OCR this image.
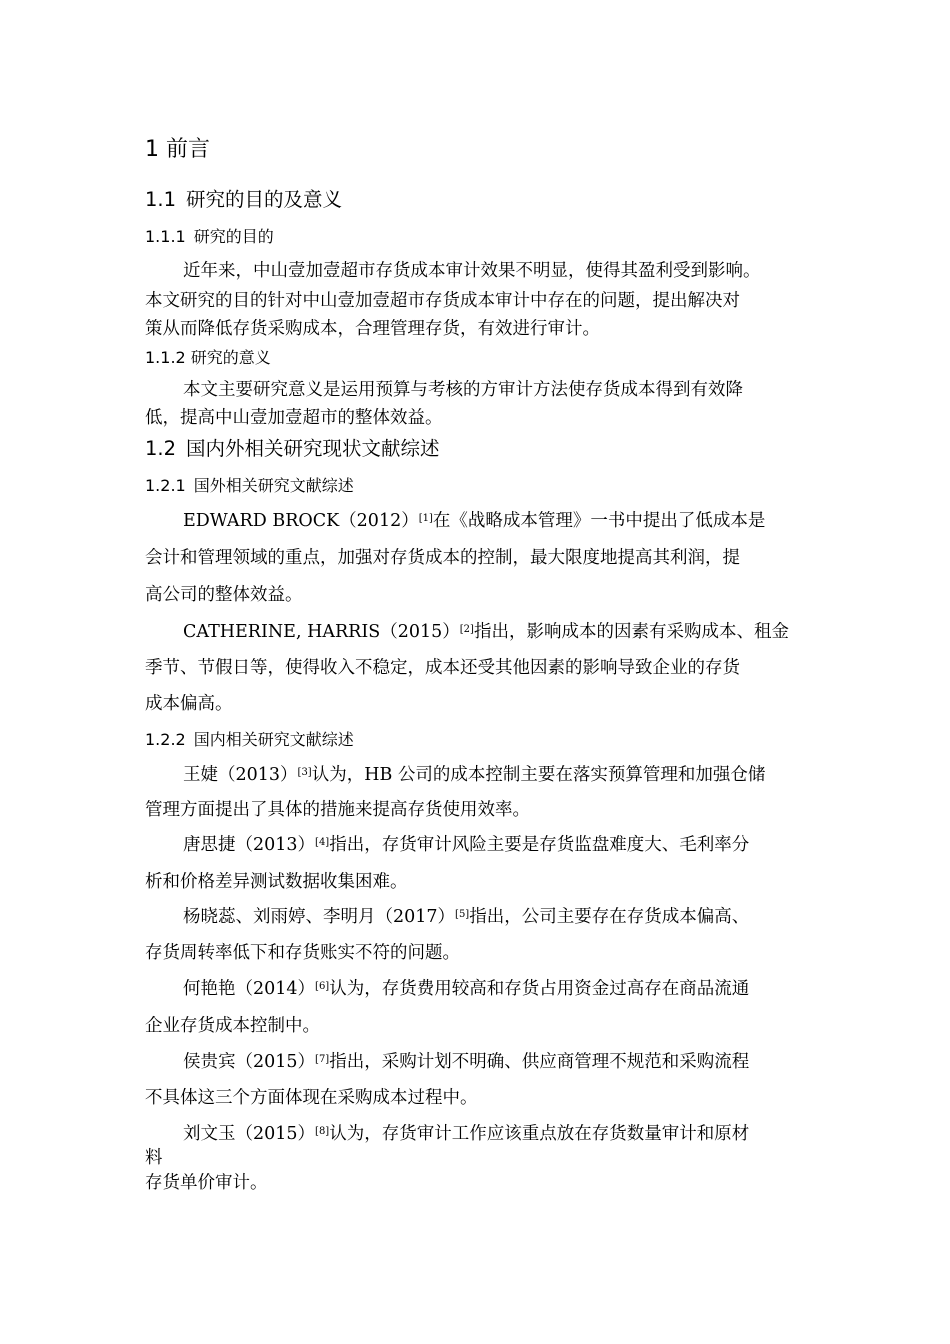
1 前言
1.1 研究的目的及意义
1.1.1 研究的目的
近年来，中山壹加壹超市存货成本审计效果不明显，使得其盈利受到影响。
本文研究的目的针对中山壹加壹超市存货成本审计中存在的问题，提出解决对
策从而降低存货采购成本，合理管理存货，有效进行审计。
1.1.2 研究的意义
本文主要研究意义是运用预算与考核的方审计方法使存货成本得到有效降
低，提高中山壹加壹超市的整体效益。
1.2 国内外相关研究现状文献综述
1.2.1 国外相关研究文献综述
EDWARD BROCK（2012）[1]在《战略成本管理》一书中提出了低成本是
会计和管理领域的重点，加强对存货成本的控制，最大限度地提高其利润，提
高公司的整体效益。
CATHERINE, HARRIS（2015）[2]指出，影响成本的因素有采购成本、租金
季节、节假日等，使得收入不稳定，成本还受其他因素的影响导致企业的存货
成本偏高。
1.2.2 国内相关研究文献综述
王婕（2013）[3]认为，HB 公司的成本控制主要在落实预算管理和加强仓储
管理方面提出了具体的措施来提高存货使用效率。
唐思捷（2013）[4]指出，存货审计风险主要是存货监盘难度大、毛利率分
析和价格差异测试数据收集困难。
杨晓蕊、刘雨婷、李明月（2017）[5]指出，公司主要存在存货成本偏高、
存货周转率低下和存货账实不符的问题。
何艳艳（2014）[6]认为，存货费用较高和存货占用资金过高存在商品流通
企业存货成本控制中。
侯贵宾（2015）[7]指出，采购计划不明确、供应商管理不规范和采购流程
不具体这三个方面体现在采购成本过程中。
刘文玉（2015）[8]认为，存货审计工作应该重点放在存货数量审计和原材
料
存货单价审计。
